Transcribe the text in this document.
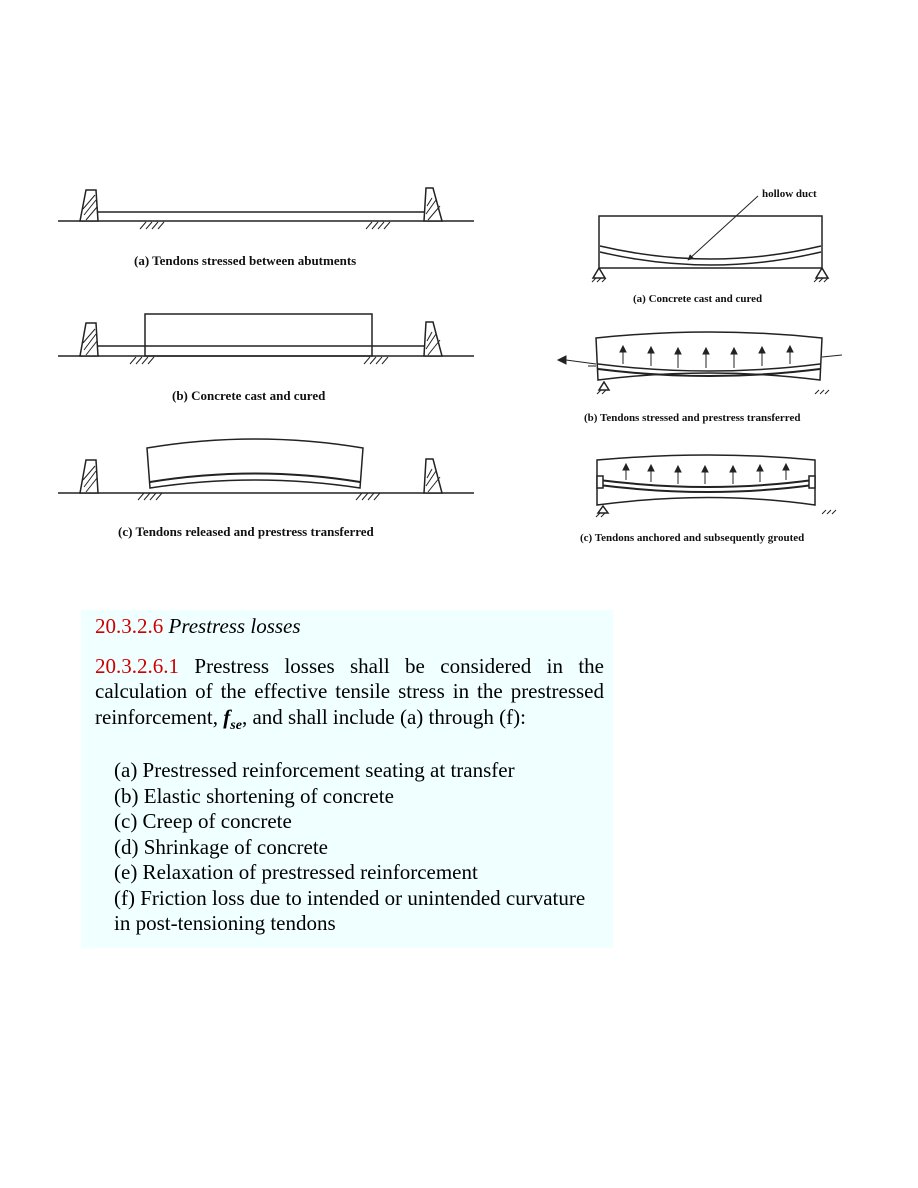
(a) Tendons stressed between abutments
(b) Concrete cast and cured
(c) Tendons released and prestress transferred
hollow duct
(a) Concrete cast and cured
(b) Tendons stressed and prestress transferred
(c) Tendons anchored and subsequently grouted

20.3.2.6 Prestress losses

20.3.2.6.1 Prestress losses shall be considered in the calculation of the effective tensile stress in the prestressed reinforcement, $f_{se}$, and shall include (a) through (f):

(a) Prestressed reinforcement seating at transfer
(b) Elastic shortening of concrete
(c) Creep of concrete
(d) Shrinkage of concrete
(e) Relaxation of prestressed reinforcement
(f) Friction loss due to intended or unintended curvature in post-tensioning tendons
